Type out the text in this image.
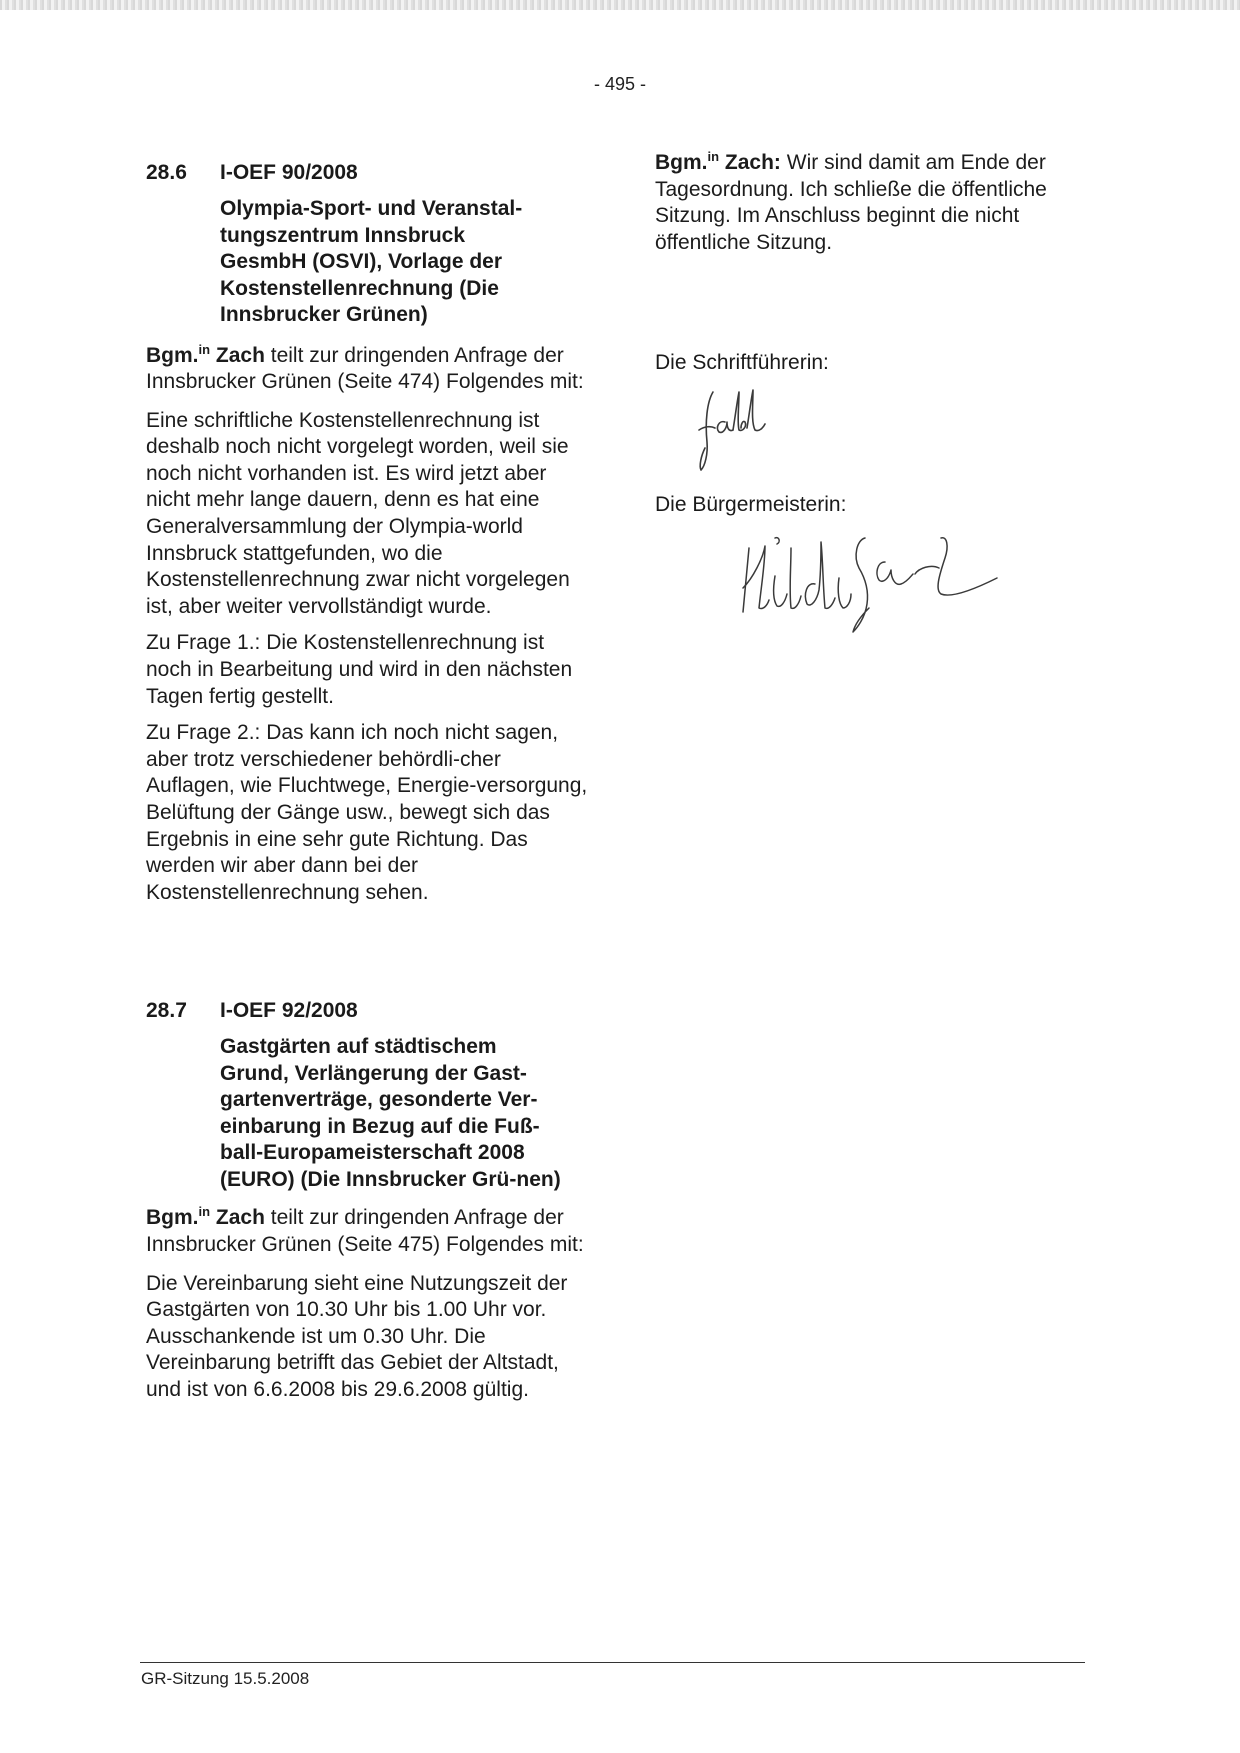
- 495 -
28.6	I-OEF 90/2008
Olympia-Sport- und Veranstal-tungszentrum Innsbruck GesmbH (OSVI), Vorlage der Kostenstellenrechnung (Die Innsbrucker Grünen)

Bgm.$^{in}$ Zach teilt zur dringenden Anfrage der Innsbrucker Grünen (Seite 474) Folgendes mit:

Eine schriftliche Kostenstellenrechnung ist deshalb noch nicht vorgelegt worden, weil sie noch nicht vorhanden ist. Es wird jetzt aber nicht mehr lange dauern, denn es hat eine Generalversammlung der Olympia-world Innsbruck stattgefunden, wo die Kostenstellenrechnung zwar nicht vorgelegen ist, aber weiter vervollständigt wurde.

Zu Frage 1.: Die Kostenstellenrechnung ist noch in Bearbeitung und wird in den nächsten Tagen fertig gestellt.

Zu Frage 2.: Das kann ich noch nicht sagen, aber trotz verschiedener behördli-cher Auflagen, wie Fluchtwege, Energie-versorgung, Belüftung der Gänge usw., bewegt sich das Ergebnis in eine sehr gute Richtung. Das werden wir aber dann bei der Kostenstellenrechnung sehen.

28.7	I-OEF 92/2008
Gastgärten auf städtischem Grund, Verlängerung der Gast-gartenverträge, gesonderte Ver-einbarung in Bezug auf die Fuß-ball-Europameisterschaft 2008 (EURO) (Die Innsbrucker Grü-nen)

Bgm.$^{in}$ Zach teilt zur dringenden Anfrage der Innsbrucker Grünen (Seite 475) Folgendes mit:

Die Vereinbarung sieht eine Nutzungszeit der Gastgärten von 10.30 Uhr bis 1.00 Uhr vor. Ausschankende ist um 0.30 Uhr. Die Vereinbarung betrifft das Gebiet der Altstadt, und ist von 6.6.2008 bis 29.6.2008 gültig.

Bgm.$^{in}$ Zach: Wir sind damit am Ende der Tagesordnung. Ich schließe die öffentliche Sitzung. Im Anschluss beginnt die nicht öffentliche Sitzung.

Die Schriftführerin:
Die Bürgermeisterin:
GR-Sitzung 15.5.2008
